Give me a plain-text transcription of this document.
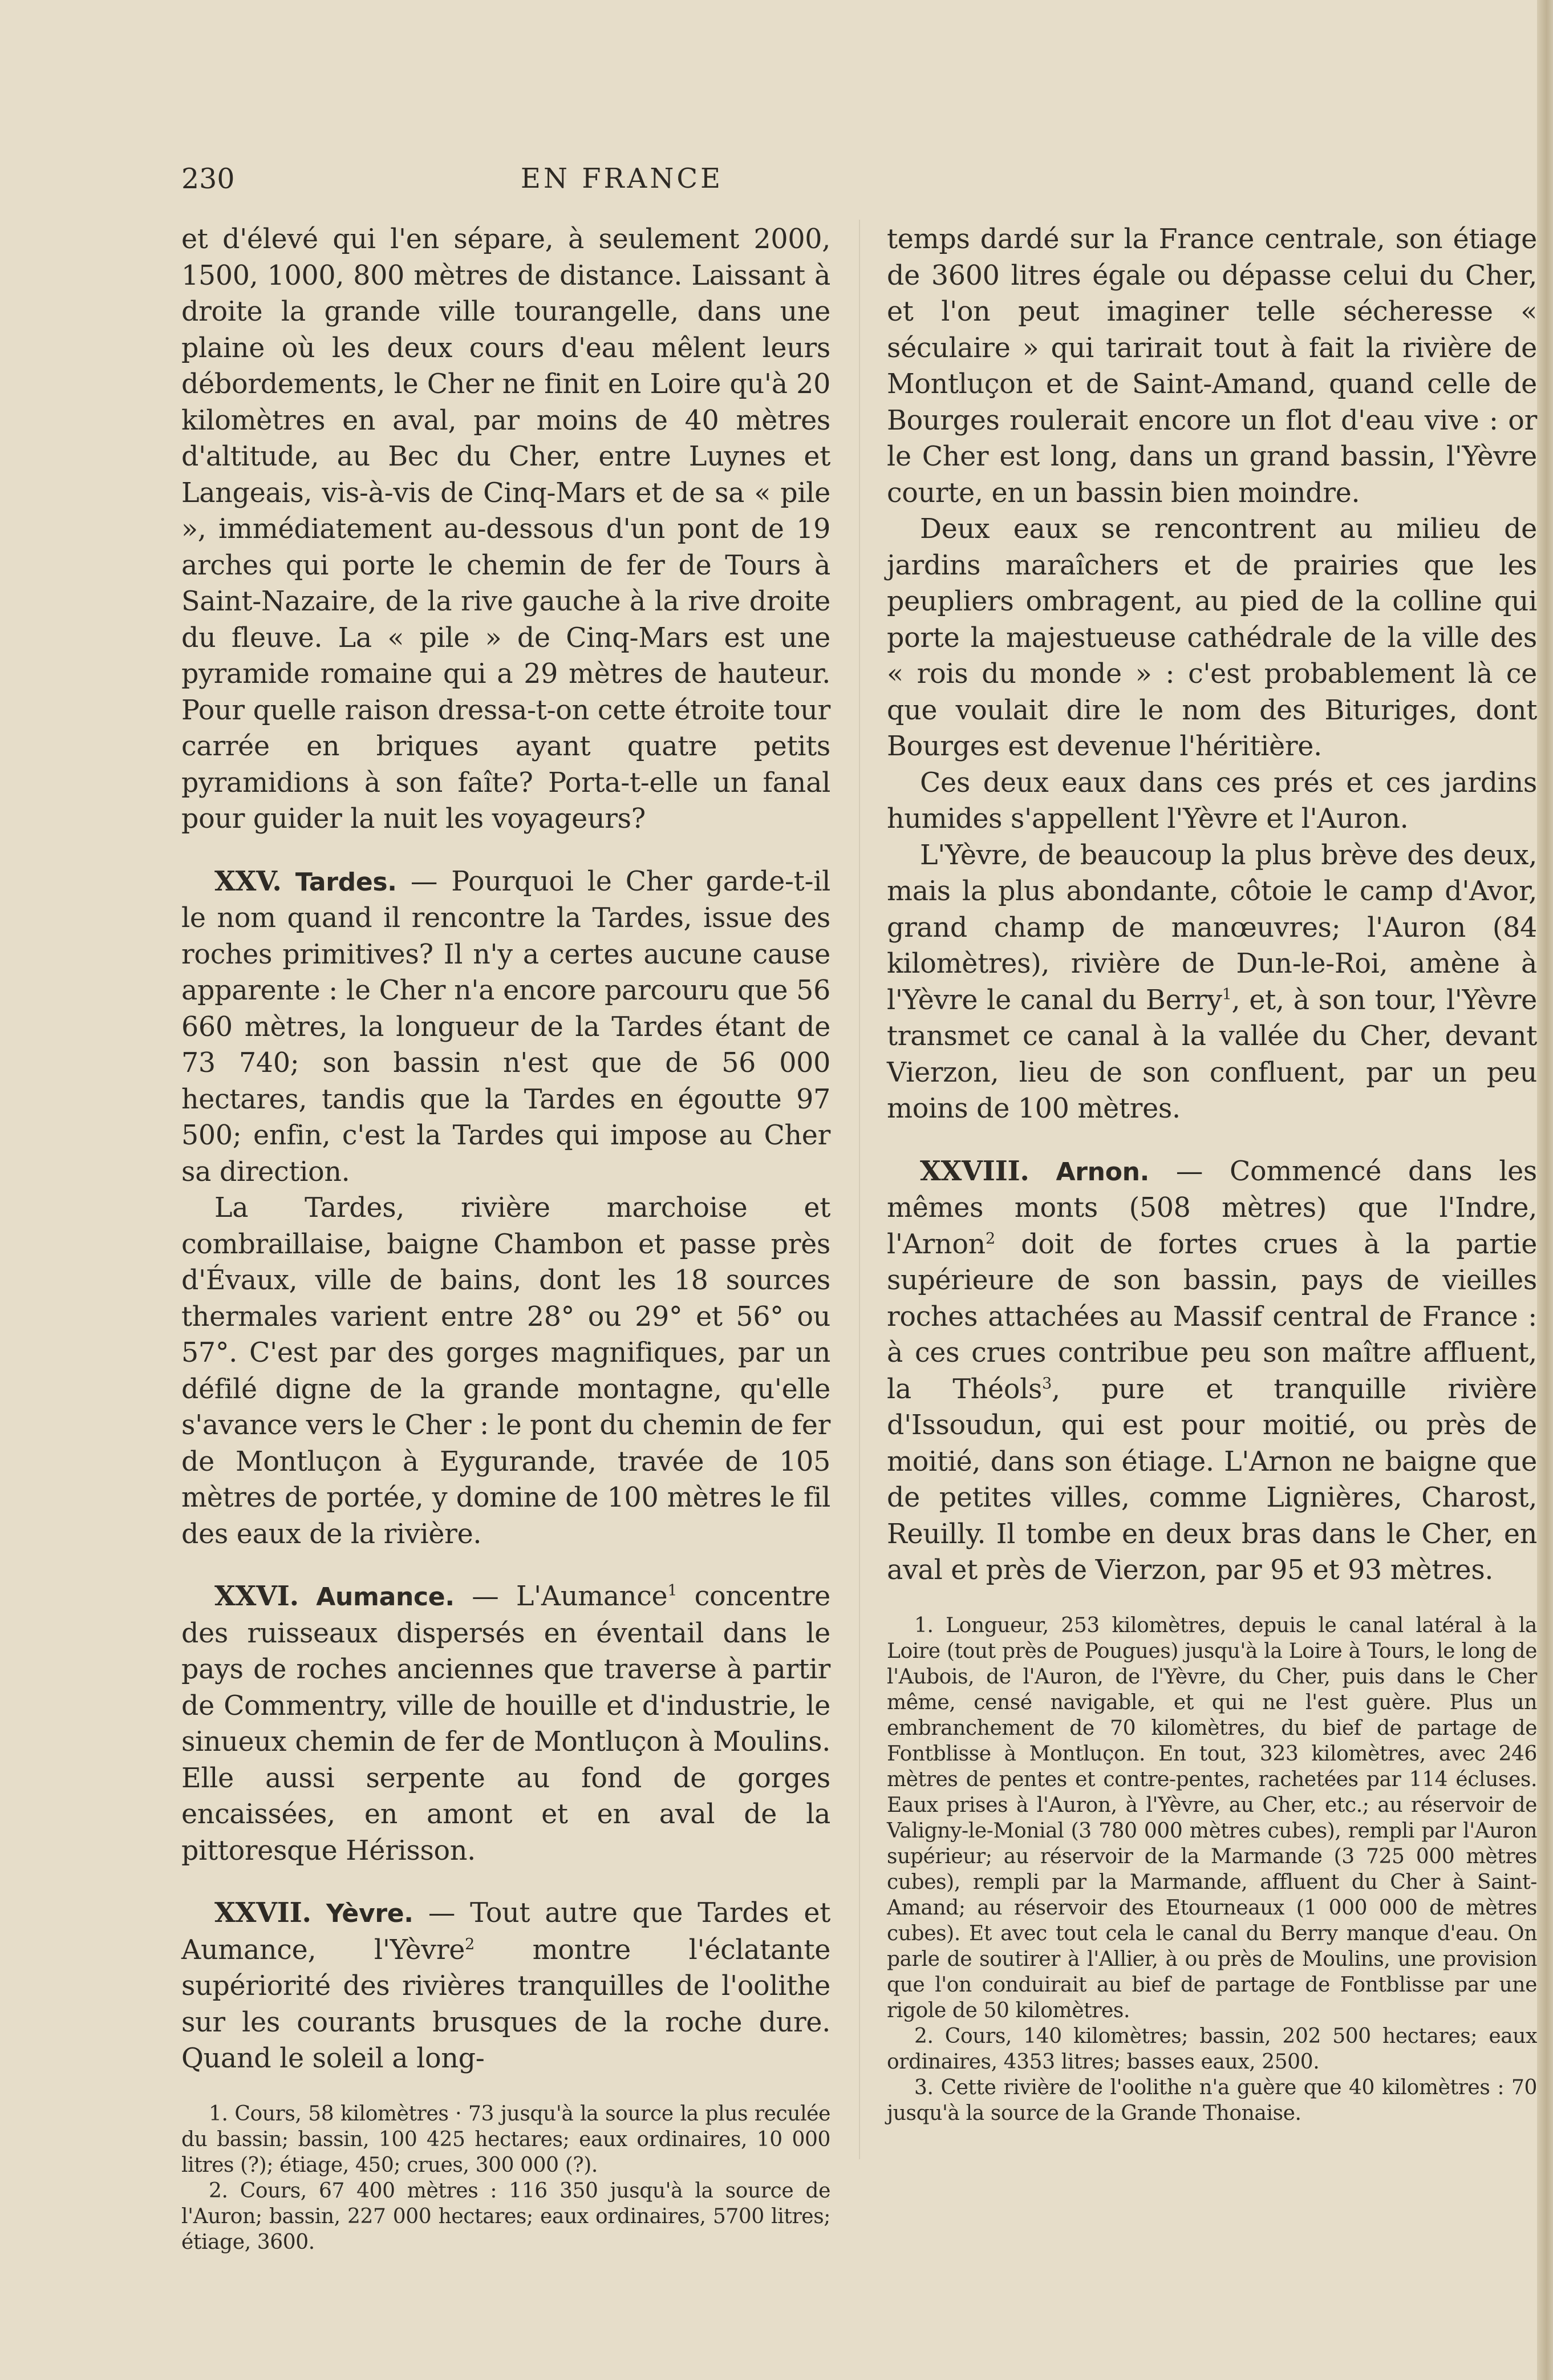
230	EN FRANCE

et d'élevé qui l'en sépare, à seulement 2000, 1500, 1000, 800 mètres de distance. Laissant à droite la grande ville tourangelle, dans une plaine où les deux cours d'eau mêlent leurs débordements, le Cher ne finit en Loire qu'à 20 kilomètres en aval, par moins de 40 mètres d'altitude, au Bec du Cher, entre Luynes et Langeais, vis-à-vis de Cinq-Mars et de sa « pile », immédiatement au-dessous d'un pont de 19 arches qui porte le chemin de fer de Tours à Saint-Nazaire, de la rive gauche à la rive droite du fleuve. La « pile » de Cinq-Mars est une pyramide romaine qui a 29 mètres de hauteur. Pour quelle raison dressa-t-on cette étroite tour carrée en briques ayant quatre petits pyramidions à son faîte? Porta-t-elle un fanal pour guider la nuit les voyageurs?

XXV. Tardes. — Pourquoi le Cher garde-t-il le nom quand il rencontre la Tardes, issue des roches primitives? Il n'y a certes aucune cause apparente : le Cher n'a encore parcouru que 56 660 mètres, la longueur de la Tardes étant de 73 740; son bassin n'est que de 56 000 hectares, tandis que la Tardes en égoutte 97 500; enfin, c'est la Tardes qui impose au Cher sa direction.

La Tardes, rivière marchoise et combraillaise, baigne Chambon et passe près d'Évaux, ville de bains, dont les 18 sources thermales varient entre 28° ou 29° et 56° ou 57°. C'est par des gorges magnifiques, par un défilé digne de la grande montagne, qu'elle s'avance vers le Cher : le pont du chemin de fer de Montluçon à Eygurande, travée de 105 mètres de portée, y domine de 100 mètres le fil des eaux de la rivière.

XXVI. Aumance. — L'Aumance$^1$ concentre des ruisseaux dispersés en éventail dans le pays de roches anciennes que traverse à partir de Commentry, ville de houille et d'industrie, le sinueux chemin de fer de Montluçon à Moulins. Elle aussi serpente au fond de gorges encaissées, en amont et en aval de la pittoresque Hérisson.

XXVII. Yèvre. — Tout autre que Tardes et Aumance, l'Yèvre$^2$ montre l'éclatante supériorité des rivières tranquilles de l'oolithe sur les courants brusques de la roche dure. Quand le soleil a long-

1. Cours, 58 kilomètres · 73 jusqu'à la source la plus reculée du bassin; bassin, 100 425 hectares; eaux ordinaires, 10 000 litres (?); étiage, 450; crues, 300 000 (?).

2. Cours, 67 400 mètres : 116 350 jusqu'à la source de l'Auron; bassin, 227 000 hectares; eaux ordinaires, 5700 litres; étiage, 3600.

temps dardé sur la France centrale, son étiage de 3600 litres égale ou dépasse celui du Cher, et l'on peut imaginer telle sécheresse « séculaire » qui tarirait tout à fait la rivière de Montluçon et de Saint-Amand, quand celle de Bourges roulerait encore un flot d'eau vive : or le Cher est long, dans un grand bassin, l'Yèvre courte, en un bassin bien moindre.

Deux eaux se rencontrent au milieu de jardins maraîchers et de prairies que les peupliers ombragent, au pied de la colline qui porte la majestueuse cathédrale de la ville des « rois du monde » : c'est probablement là ce que voulait dire le nom des Bituriges, dont Bourges est devenue l'héritière.

Ces deux eaux dans ces prés et ces jardins humides s'appellent l'Yèvre et l'Auron.

L'Yèvre, de beaucoup la plus brève des deux, mais la plus abondante, côtoie le camp d'Avor, grand champ de manœuvres; l'Auron (84 kilomètres), rivière de Dun-le-Roi, amène à l'Yèvre le canal du Berry$^1$, et, à son tour, l'Yèvre transmet ce canal à la vallée du Cher, devant Vierzon, lieu de son confluent, par un peu moins de 100 mètres.

XXVIII. Arnon. — Commencé dans les mêmes monts (508 mètres) que l'Indre, l'Arnon$^2$ doit de fortes crues à la partie supérieure de son bassin, pays de vieilles roches attachées au Massif central de France : à ces crues contribue peu son maître affluent, la Théols$^3$, pure et tranquille rivière d'Issoudun, qui est pour moitié, ou près de moitié, dans son étiage. L'Arnon ne baigne que de petites villes, comme Lignières, Charost, Reuilly. Il tombe en deux bras dans le Cher, en aval et près de Vierzon, par 95 et 93 mètres.

1. Longueur, 253 kilomètres, depuis le canal latéral à la Loire (tout près de Pougues) jusqu'à la Loire à Tours, le long de l'Aubois, de l'Auron, de l'Yèvre, du Cher, puis dans le Cher même, censé navigable, et qui ne l'est guère. Plus un embranchement de 70 kilomètres, du bief de partage de Fontblisse à Montluçon. En tout, 323 kilomètres, avec 246 mètres de pentes et contre-pentes, rachetées par 114 écluses. Eaux prises à l'Auron, à l'Yèvre, au Cher, etc.; au réservoir de Valigny-le-Monial (3 780 000 mètres cubes), rempli par l'Auron supérieur; au réservoir de la Marmande (3 725 000 mètres cubes), rempli par la Marmande, affluent du Cher à Saint-Amand; au réservoir des Etourneaux (1 000 000 de mètres cubes). Et avec tout cela le canal du Berry manque d'eau. On parle de soutirer à l'Allier, à ou près de Moulins, une provision que l'on conduirait au bief de partage de Fontblisse par une rigole de 50 kilomètres.

2. Cours, 140 kilomètres; bassin, 202 500 hectares; eaux ordinaires, 4353 litres; basses eaux, 2500.

3. Cette rivière de l'oolithe n'a guère que 40 kilomètres : 70 jusqu'à la source de la Grande Thonaise.
